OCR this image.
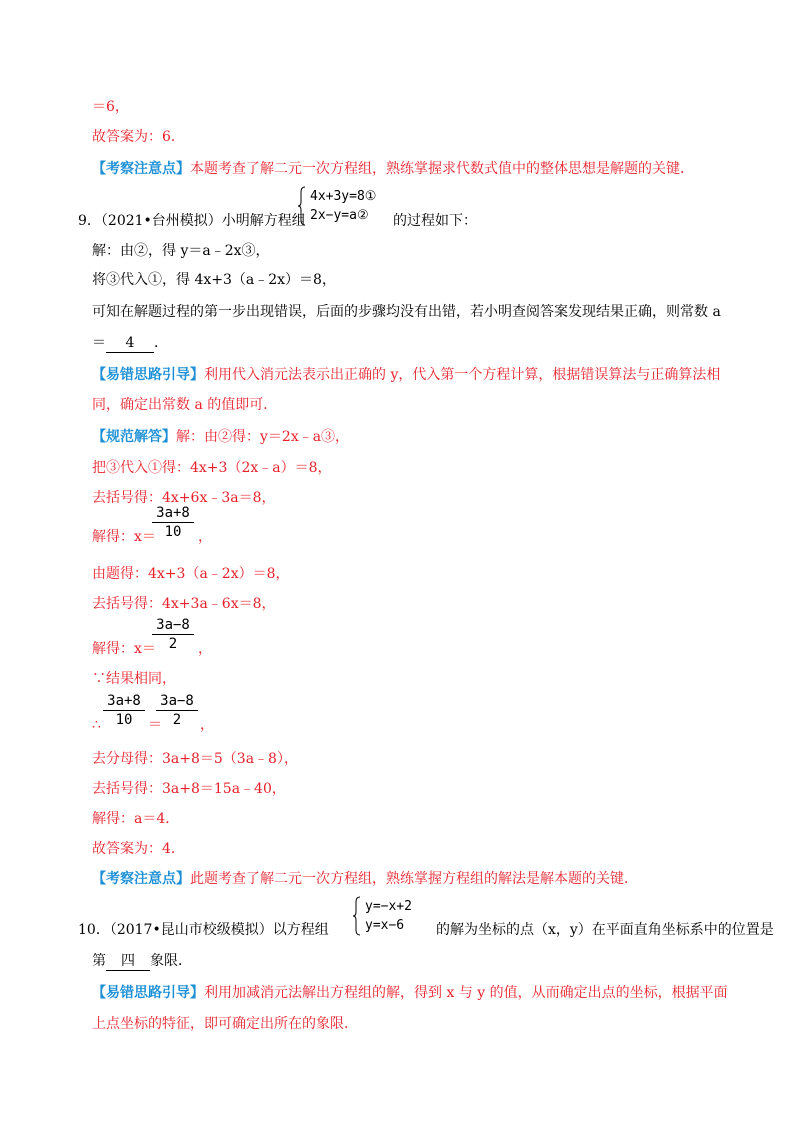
＝6，
故答案为：6．
【考察注意点】本题考查了解二元一次方程组，熟练掌握求代数式值中的整体思想是解题的关键．
9．（2021•台州模拟）小明解方程组
4x+3y=8①
2x−y=a② 的过程如下：
解：由②，得 y＝a﹣2x③，
将③代入①，得 4x+3（a﹣2x）＝8，
可知在解题过程的第一步出现错误，后面的步骤均没有出错，若小明查阅答案发现结果正确，则常数 a
＝ 4 ．
【易错思路引导】利用代入消元法表示出正确的 y，代入第一个方程计算，根据错误算法与正确算法相
同，确定出常数 a 的值即可．
【规范解答】解：由②得：y＝2x﹣a③，
把③代入①得：4x+3（2x﹣a）＝8，
去括号得：4x+6x﹣3a＝8，
解得：x＝
3a+8
10	，
由题得：4x+3（a﹣2x）＝8，
去括号得：4x+3a﹣6x＝8，
解得：x＝
3a−8
2	，
∵结果相同，
∴
3a+8
10	＝
3a−8
2	，
去分母得：3a+8＝5（3a﹣8），
去括号得：3a+8＝15a﹣40，
解得：a＝4．
故答案为：4．
【考察注意点】此题考查了解二元一次方程组，熟练掌握方程组的解法是解本题的关键．
10．（2017•昆山市校级模拟）以方程组
y=−x+2
y=x−6 的解为坐标的点（x，y）在平面直角坐标系中的位置是
第 四 象限．
【易错思路引导】利用加减消元法解出方程组的解，得到 x 与 y 的值，从而确定出点的坐标，根据平面
上点坐标的特征，即可确定出所在的象限．
